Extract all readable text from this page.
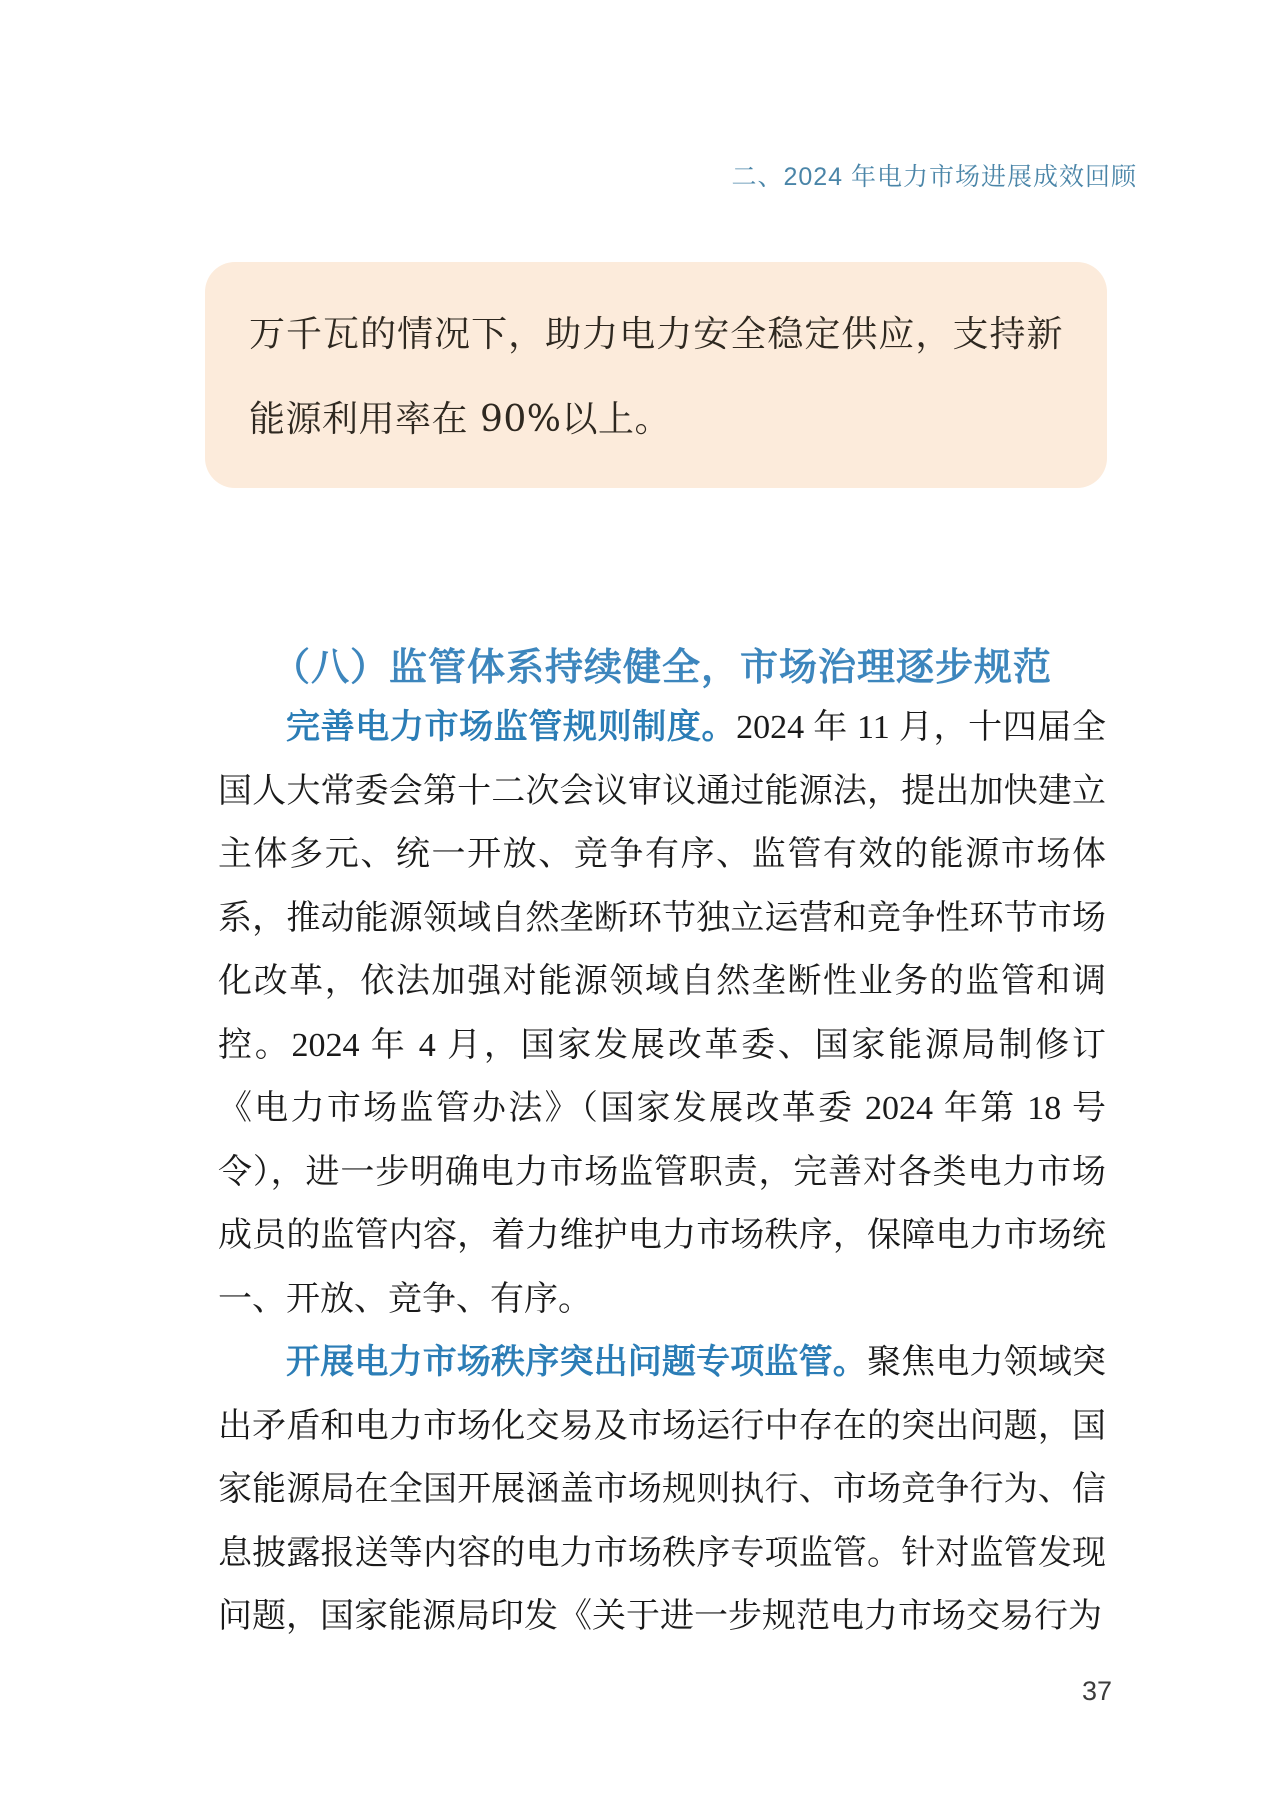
二、2024 年电力市场进展成效回顾
万千瓦的情况下，助力电力安全稳定供应，支持新能源利用率在 90%以上。
（八）监管体系持续健全，市场治理逐步规范

完善电力市场监管规则制度。2024 年 11 月，十四届全国人大常委会第十二次会议审议通过能源法，提出加快建立主体多元、统一开放、竞争有序、监管有效的能源市场体系，推动能源领域自然垄断环节独立运营和竞争性环节市场化改革，依法加强对能源领域自然垄断性业务的监管和调控。2024 年 4 月，国家发展改革委、国家能源局制修订《电力市场监管办法》（国家发展改革委 2024 年第 18 号令），进一步明确电力市场监管职责，完善对各类电力市场成员的监管内容，着力维护电力市场秩序，保障电力市场统一、开放、竞争、有序。

开展电力市场秩序突出问题专项监管。聚焦电力领域突出矛盾和电力市场化交易及市场运行中存在的突出问题，国家能源局在全国开展涵盖市场规则执行、市场竞争行为、信息披露报送等内容的电力市场秩序专项监管。针对监管发现问题，国家能源局印发《关于进一步规范电力市场交易行为

37
